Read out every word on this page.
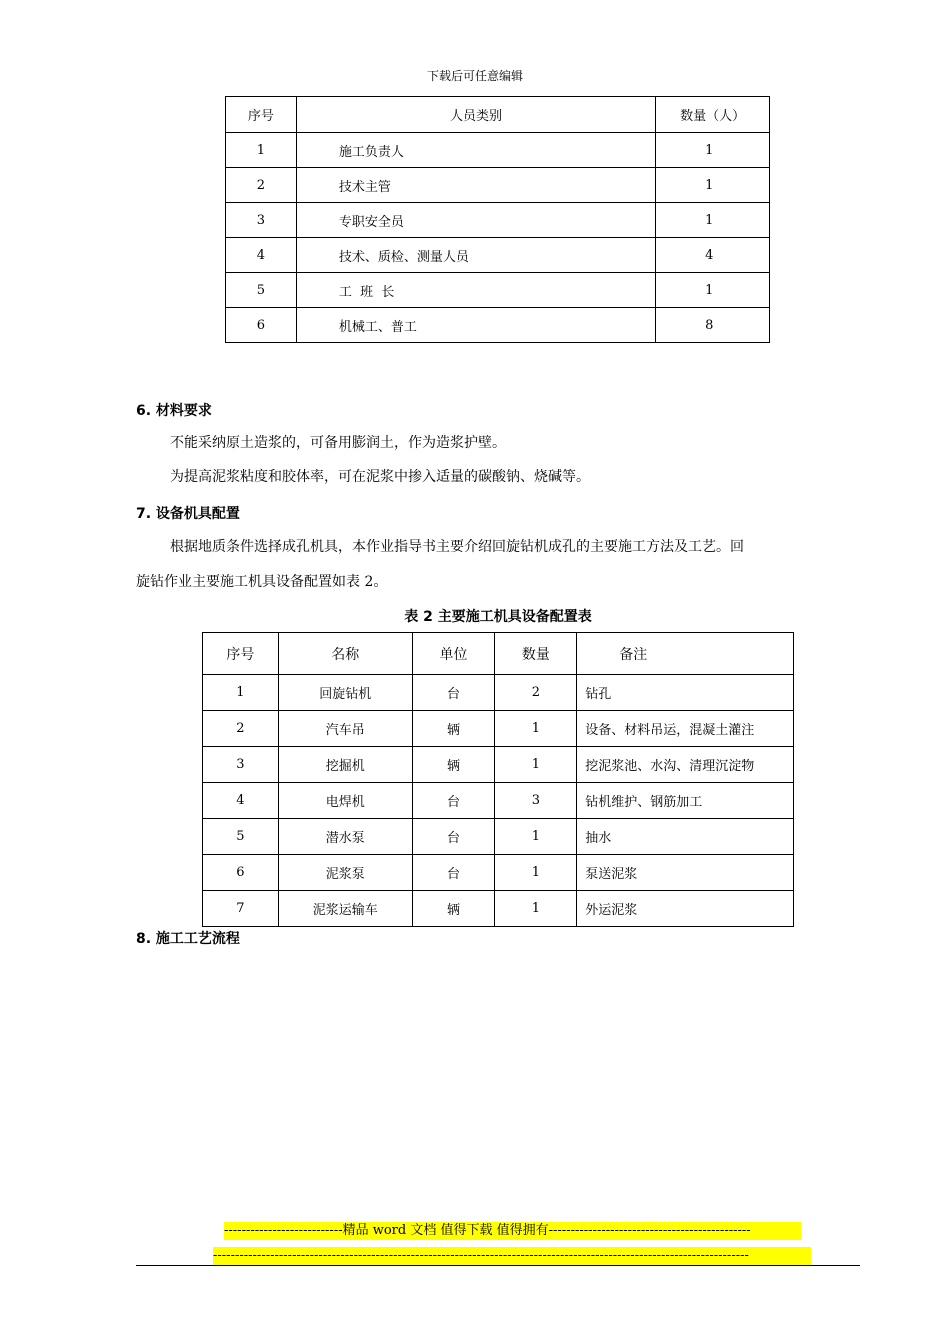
下载后可任意编辑
序号	人员类别	数量（人）
1	施工负责人	1
2	技术主管	1
3	专职安全员	1
4	技术、质检、测量人员	4
5	工  班  长	1
6	机械工、普工	8
6. 材料要求
不能采纳原土造浆的，可备用膨润土，作为造浆护壁。
为提高泥浆粘度和胶体率，可在泥浆中掺入适量的碳酸钠、烧碱等。
7. 设备机具配置
根据地质条件选择成孔机具，本作业指导书主要介绍回旋钻机成孔的主要施工方法及工艺。回
旋钻作业主要施工机具设备配置如表 2。
表 2 主要施工机具设备配置表
序号	名称	单位	数量	备注
1	回旋钻机	台	2	钻孔
2	汽车吊	辆	1	设备、材料吊运，混凝土灌注
3	挖掘机	辆	1	挖泥浆池、水沟、清理沉淀物
4	电焊机	台	3	钻机维护、钢筋加工
5	潜水泵	台	1	抽水
6	泥浆泵	台	1	泵送泥浆
7	泥浆运输车	辆	1	外运泥浆
8. 施工工艺流程
---------------------------精品 word 文档 值得下载 值得拥有----------------------------------------------
--------------------------------------------------------------------------------------------------------------------------
